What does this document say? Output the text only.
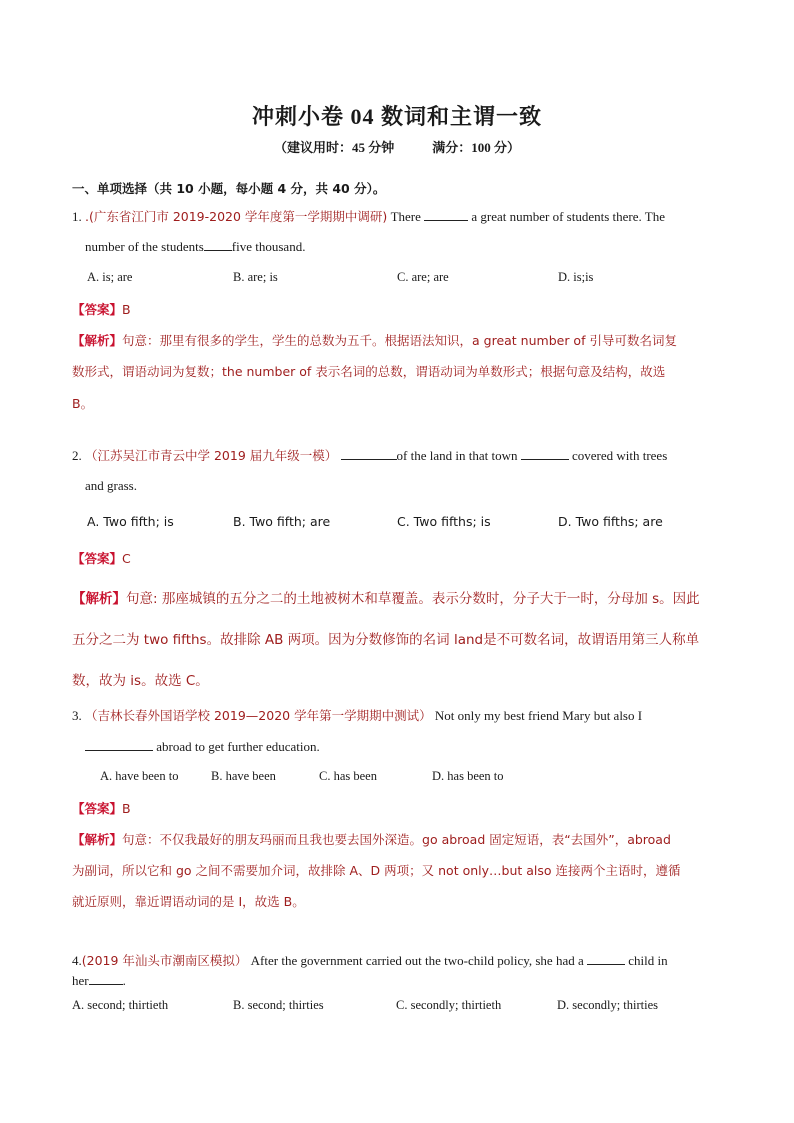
冲刺小卷 04 数词和主谓一致
（建议用时：45 分钟	满分：100 分）
一、单项选择（共 10 小题，每小题 4 分，共 40 分）。
1. .(广东省江门市 2019-2020 学年度第一学期期中调研) There	a great number of students there. The
number of the students five thousand.
A. is; are	B. are; is	C. are; are	D. is;is
【答案】B
【解析】句意：那里有很多的学生，学生的总数为五千。根据语法知识，a great number of 引导可数名词复
数形式，谓语动词为复数；the number of 表示名词的总数，谓语动词为单数形式；根据句意及结构，故选
B。
2. （江苏吴江市青云中学 2019 届九年级一模）	of the land in that town	covered with trees
and grass.
A. Two fifth; is	B. Two fifth; are	C. Two fifths; is	D. Two fifths; are
【答案】C
【解析】句意: 那座城镇的五分之二的土地被树木和草覆盖。表示分数时，分子大于一时，分母加 s。因此
五分之二为 two fifths。故排除 AB 两项。因为分数修饰的名词 land是不可数名词，故谓语用第三人称单
数，故为 is。故选 C。
3. （吉林长春外国语学校 2019—2020 学年第一学期期中测试） Not only my best friend Mary but also I
abroad to get further education.
A. have been to	B. have been	C. has been	D. has been to
【答案】B
【解析】句意：不仅我最好的朋友玛丽而且我也要去国外深造。go abroad 固定短语，表“去国外”，abroad
为副词，所以它和 go 之间不需要加介词，故排除 A、D 两项；又 not only…but also 连接两个主语时，遵循
就近原则，靠近谓语动词的是 I，故选 B。
4.(2019 年汕头市潮南区模拟） After the government carried out the two-child policy, she had a	child in
her	.
A. second; thirtieth	B. second; thirties	C. secondly; thirtieth	D. secondly; thirties
